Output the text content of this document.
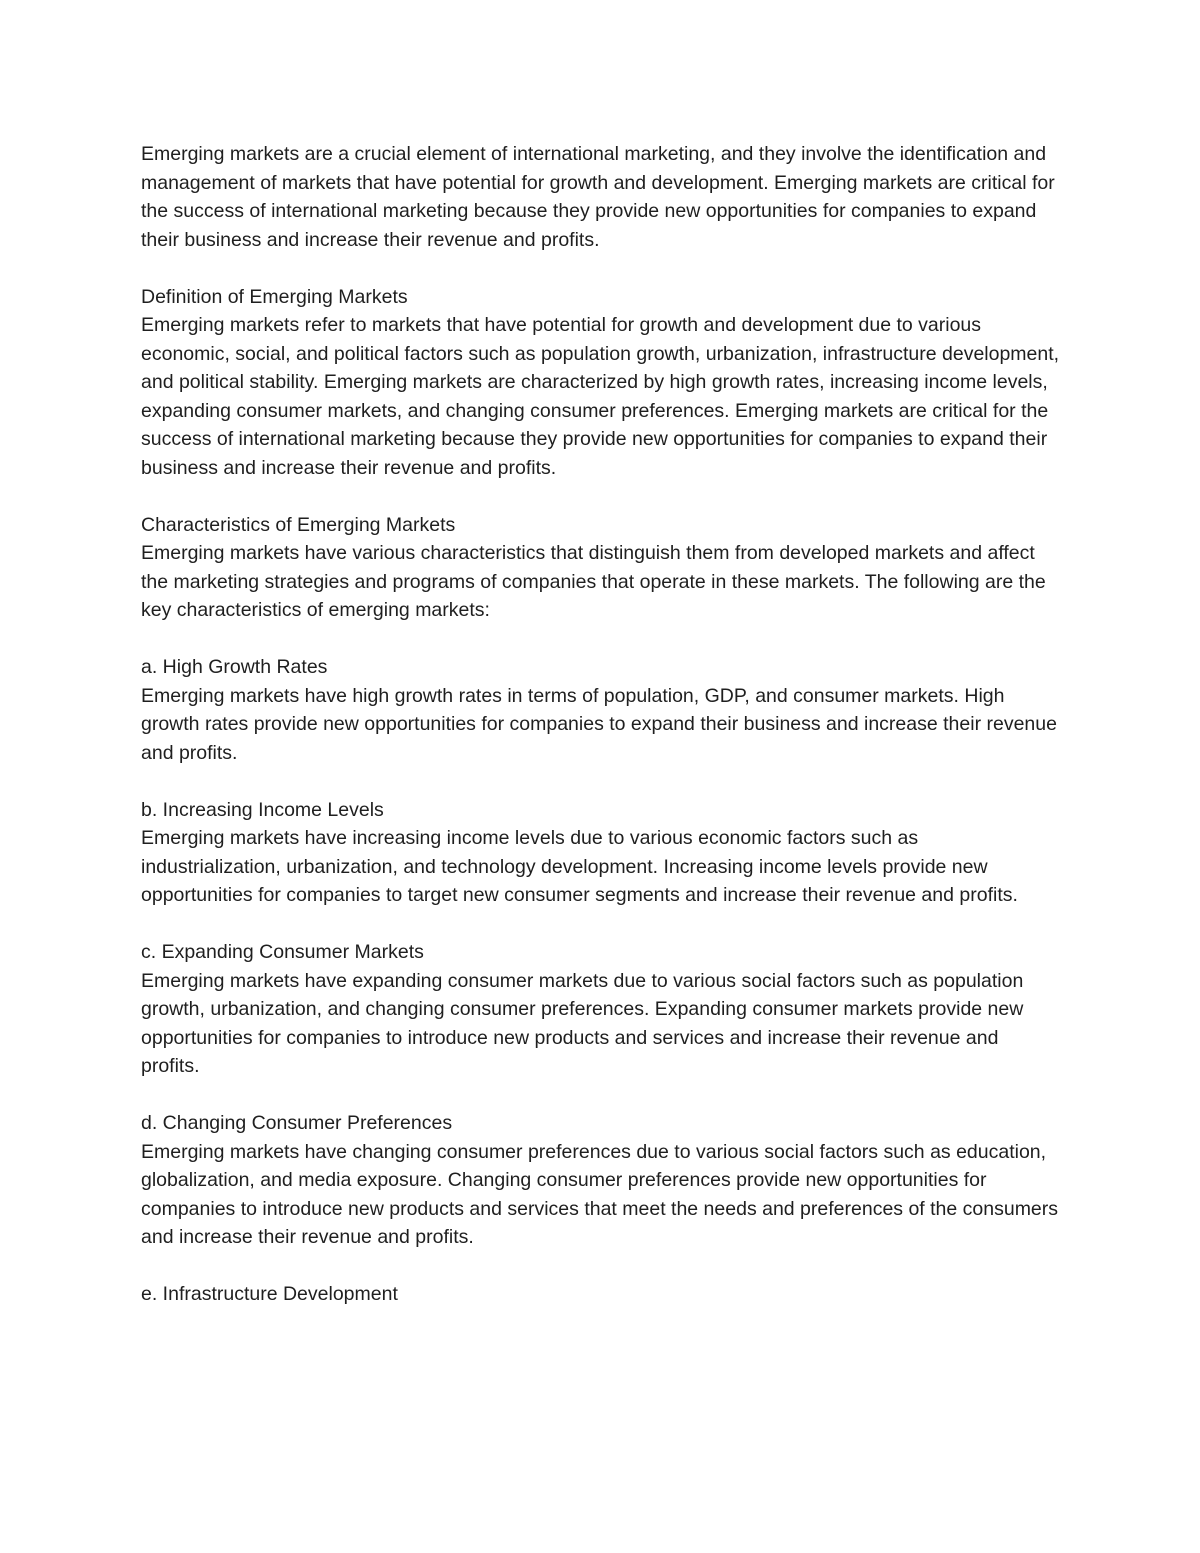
Emerging markets are a crucial element of international marketing, and they involve the identification and management of markets that have potential for growth and development. Emerging markets are critical for the success of international marketing because they provide new opportunities for companies to expand their business and increase their revenue and profits.

Definition of Emerging Markets

Emerging markets refer to markets that have potential for growth and development due to various economic, social, and political factors such as population growth, urbanization, infrastructure development, and political stability. Emerging markets are characterized by high growth rates, increasing income levels, expanding consumer markets, and changing consumer preferences. Emerging markets are critical for the success of international marketing because they provide new opportunities for companies to expand their business and increase their revenue and profits.

Characteristics of Emerging Markets

Emerging markets have various characteristics that distinguish them from developed markets and affect the marketing strategies and programs of companies that operate in these markets. The following are the key characteristics of emerging markets:

a. High Growth Rates

Emerging markets have high growth rates in terms of population, GDP, and consumer markets. High growth rates provide new opportunities for companies to expand their business and increase their revenue and profits.

b. Increasing Income Levels

Emerging markets have increasing income levels due to various economic factors such as industrialization, urbanization, and technology development. Increasing income levels provide new opportunities for companies to target new consumer segments and increase their revenue and profits.

c. Expanding Consumer Markets

Emerging markets have expanding consumer markets due to various social factors such as population growth, urbanization, and changing consumer preferences. Expanding consumer markets provide new opportunities for companies to introduce new products and services and increase their revenue and profits.

d. Changing Consumer Preferences

Emerging markets have changing consumer preferences due to various social factors such as education, globalization, and media exposure. Changing consumer preferences provide new opportunities for companies to introduce new products and services that meet the needs and preferences of the consumers and increase their revenue and profits.

e. Infrastructure Development
